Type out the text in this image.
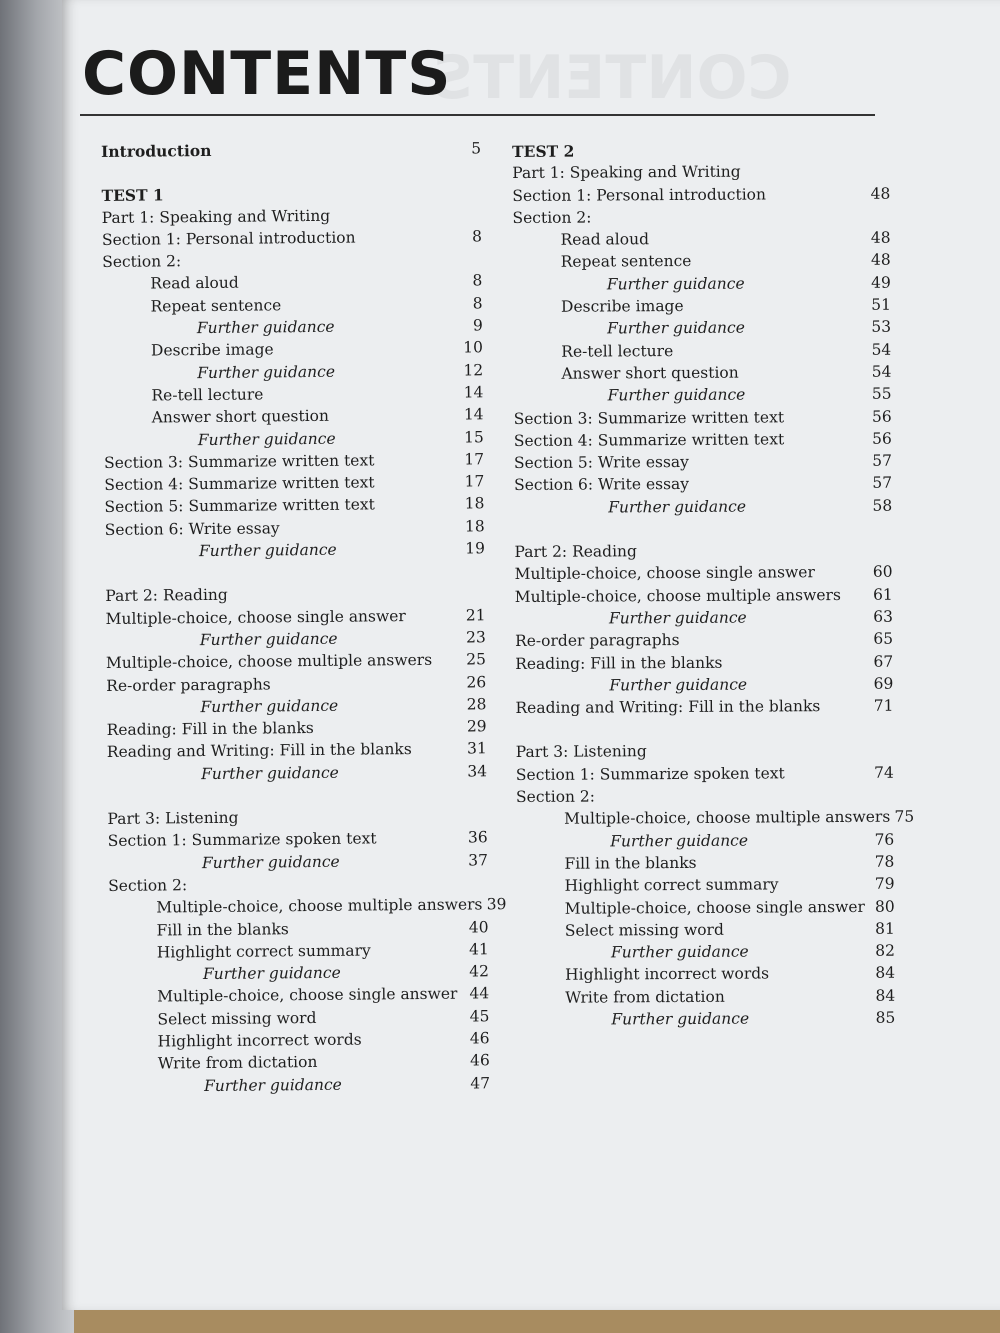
CONTENTS
CONTENTS
Introduction	5
TEST 1
Part 1: Speaking and Writing
Section 1: Personal introduction	8
Section 2:
Read aloud	8
Repeat sentence	8
Further guidance	9
Describe image	10
Further guidance	12
Re-tell lecture	14
Answer short question	14
Further guidance	15
Section 3: Summarize written text	17
Section 4: Summarize written text	17
Section 5: Summarize written text	18
Section 6: Write essay	18
Further guidance	19
Part 2: Reading
Multiple-choice, choose single answer	21
Further guidance	23
Multiple-choice, choose multiple answers	25
Re-order paragraphs	26
Further guidance	28
Reading: Fill in the blanks	29
Reading and Writing: Fill in the blanks	31
Further guidance	34
Part 3: Listening
Section 1: Summarize spoken text	36
Further guidance	37
Section 2:
Multiple-choice, choose multiple answers 39
Fill in the blanks	40
Highlight correct summary	41
Further guidance	42
Multiple-choice, choose single answer 44
Select missing word	45
Highlight incorrect words	46
Write from dictation	46
Further guidance	47
TEST 2
Part 1: Speaking and Writing
Section 1: Personal introduction	48
Section 2:
Read aloud	48
Repeat sentence	48
Further guidance	49
Describe image	51
Further guidance	53
Re-tell lecture	54
Answer short question	54
Further guidance	55
Section 3: Summarize written text	56
Section 4: Summarize written text	56
Section 5: Write essay	57
Section 6: Write essay	57
Further guidance	58
Part 2: Reading
Multiple-choice, choose single answer	60
Multiple-choice, choose multiple answers	61
Further guidance	63
Re-order paragraphs	65
Reading: Fill in the blanks	67
Further guidance	69
Reading and Writing: Fill in the blanks	71
Part 3: Listening
Section 1: Summarize spoken text	74
Section 2:
Multiple-choice, choose multiple answers 75
Further guidance	76
Fill in the blanks	78
Highlight correct summary	79
Multiple-choice, choose single answer 80
Select missing word	81
Further guidance	82
Highlight incorrect words	84
Write from dictation	84
Further guidance	85
